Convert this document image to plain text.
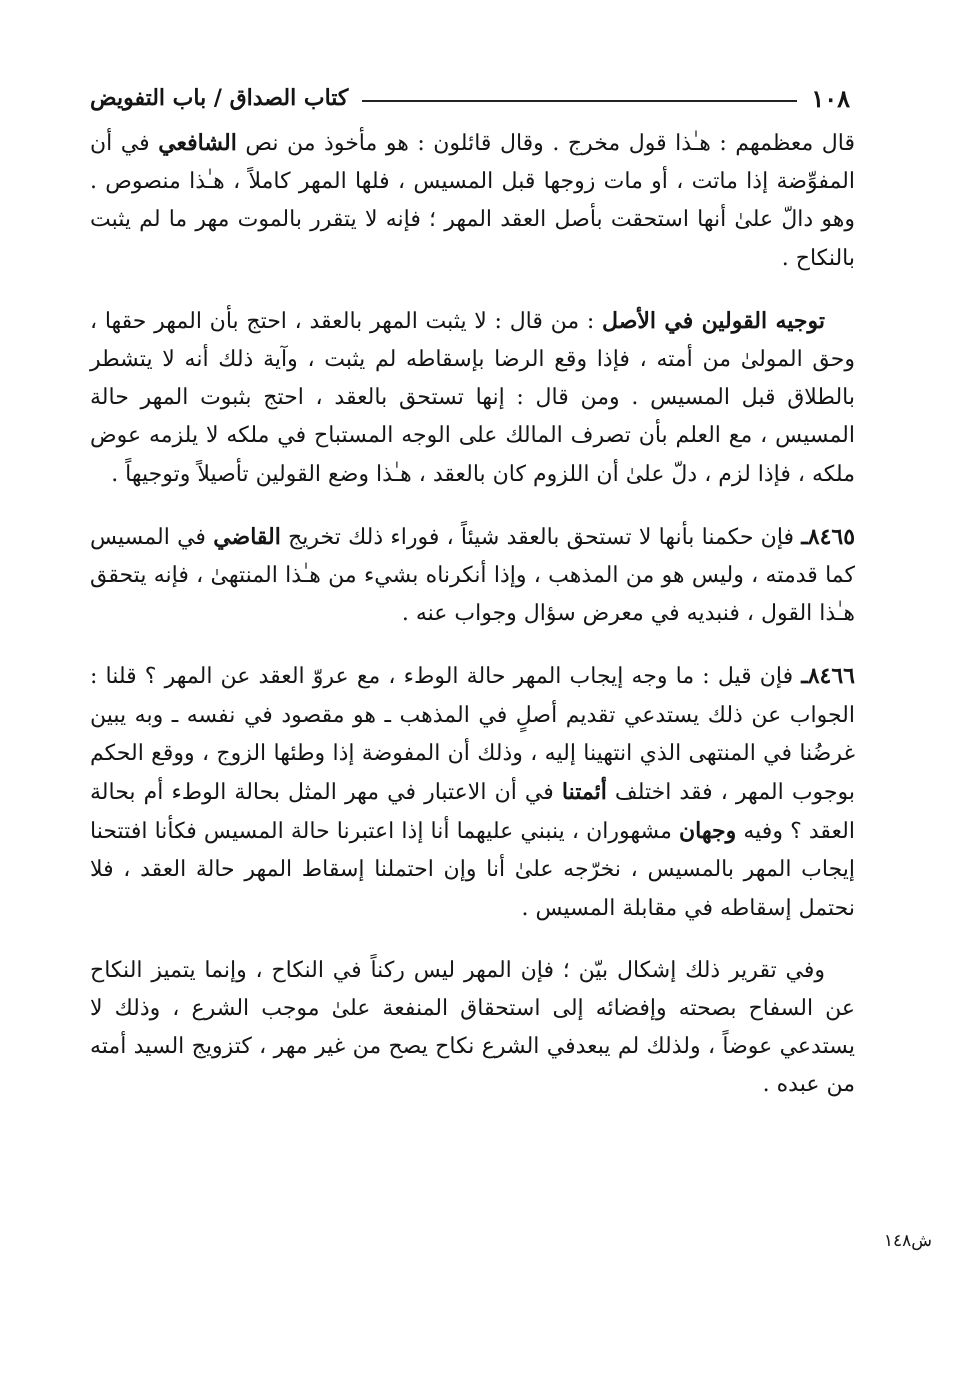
١٠٨
كتاب الصداق / باب التفويض

قال معظمهم : هـٰذا قول مخرج . وقال قائلون : هو مأخوذ من نص الشافعي في أن المفوِّضة إذا ماتت ، أو مات زوجها قبل المسيس ، فلها المهر كاملاً ، هـٰذا منصوص . وهو دالّ علىٰ أنها استحقت بأصل العقد المهر ؛ فإنه لا يتقرر بالموت مهر ما لم يثبت بالنكاح .

توجيه القولين في الأصل : من قال : لا يثبت المهر بالعقد ، احتج بأن المهر حقها ، وحق المولىٰ من أمته ، فإذا وقع الرضا بإسقاطه لم يثبت ، وآية ذلك أنه لا يتشطر بالطلاق قبل المسيس . ومن قال : إنها تستحق بالعقد ، احتج بثبوت المهر حالة المسيس ، مع العلم بأن تصرف المالك على الوجه المستباح في ملكه لا يلزمه عوض ملكه ، فإذا لزم ، دلّ علىٰ أن اللزوم كان بالعقد ، هـٰذا وضع القولين تأصيلاً وتوجيهاً .

٨٤٦٥ـ فإن حكمنا بأنها لا تستحق بالعقد شيئاً ، فوراء ذلك تخريج القاضي في المسيس كما قدمته ، وليس هو من المذهب ، وإذا أنكرناه بشيء من هـٰذا المنتهىٰ ، فإنه يتحقق هـٰذا القول ، فنبديه في معرض سؤال وجواب عنه .

٨٤٦٦ـ فإن قيل : ما وجه إيجاب المهر حالة الوطء ، مع عروّ العقد عن المهر ؟ قلنا : الجواب عن ذلك يستدعي تقديم أصلٍ في المذهب ـ هو مقصود في نفسه ـ وبه يبين غرضُنا في المنتهى الذي انتهينا إليه ، وذلك أن المفوضة إذا وطئها الزوج ، ووقع الحكم بوجوب المهر ، فقد اختلف أئمتنا في أن الاعتبار في مهر المثل بحالة الوطء أم بحالة العقد ؟ وفيه وجهان مشهوران ، ينبني عليهما أنا إذا اعتبرنا حالة المسيس فكأنا افتتحنا إيجاب المهر بالمسيس ، نخرّجه علىٰ أنا وإن احتملنا إسقاط المهر حالة العقد ، فلا نحتمل إسقاطه في مقابلة المسيس .

وفي تقرير ذلك إشكال بيّن ؛ فإن المهر ليس ركناً في النكاح ، وإنما يتميز النكاح عن السفاح بصحته وإفضائه إلى استحقاق المنفعة علىٰ موجب الشرع ، وذلك لا يستدعي عوضاً ، ولذلك لم يبعدفي الشرع نكاح يصح من غير مهر ، كتزويج السيد أمته من عبده .

ش١٤٨
